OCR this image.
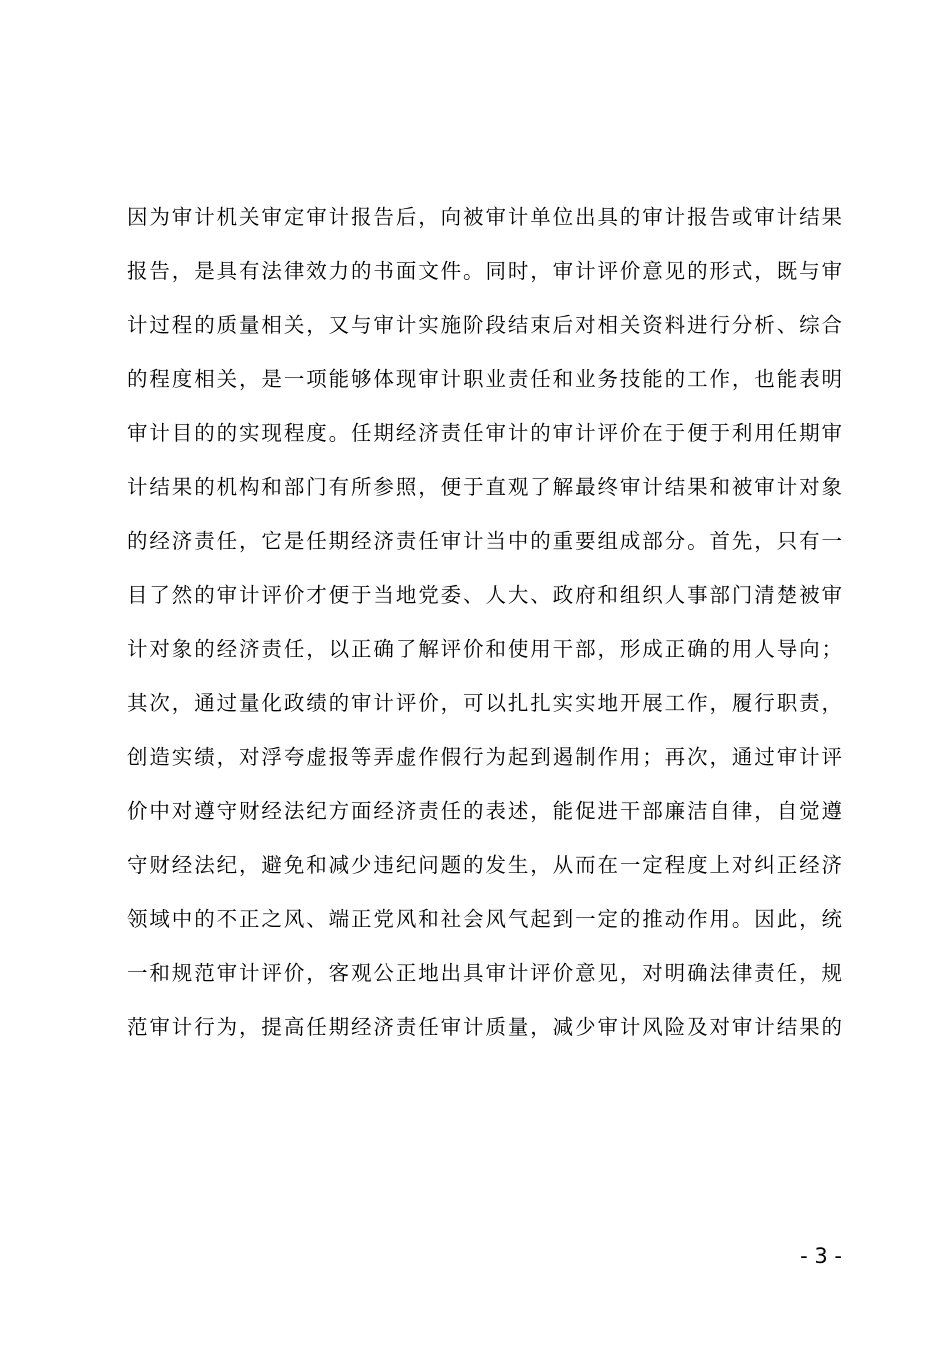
因为审计机关审定审计报告后，向被审计单位出具的审计报告或审计结果
报告，是具有法律效力的书面文件。同时，审计评价意见的形式，既与审
计过程的质量相关，又与审计实施阶段结束后对相关资料进行分析、综合
的程度相关，是一项能够体现审计职业责任和业务技能的工作，也能表明
审计目的的实现程度。任期经济责任审计的审计评价在于便于利用任期审
计结果的机构和部门有所参照，便于直观了解最终审计结果和被审计对象
的经济责任，它是任期经济责任审计当中的重要组成部分。首先，只有一
目了然的审计评价才便于当地党委、人大、政府和组织人事部门清楚被审
计对象的经济责任，以正确了解评价和使用干部，形成正确的用人导向；
其次，通过量化政绩的审计评价，可以扎扎实实地开展工作，履行职责，
创造实绩，对浮夸虚报等弄虚作假行为起到遏制作用；再次，通过审计评
价中对遵守财经法纪方面经济责任的表述，能促进干部廉洁自律，自觉遵
守财经法纪，避免和减少违纪问题的发生，从而在一定程度上对纠正经济
领域中的不正之风、端正党风和社会风气起到一定的推动作用。因此，统
一和规范审计评价，客观公正地出具审计评价意见，对明确法律责任，规
范审计行为，提高任期经济责任审计质量，减少审计风险及对审计结果的
- 3 -
